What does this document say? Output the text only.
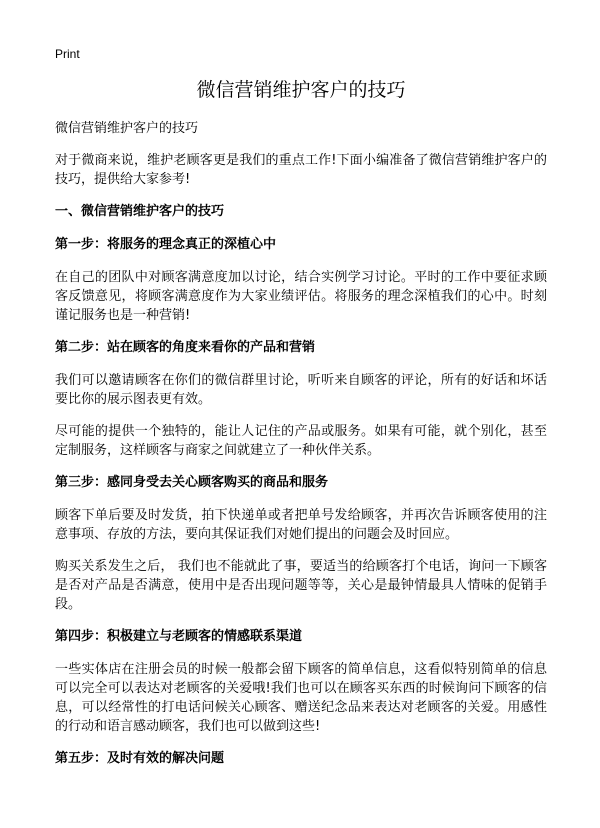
Print
微信营销维护客户的技巧

微信营销维护客户的技巧

对于微商来说，维护老顾客更是我们的重点工作!下面小编准备了微信营销维护客户的技巧，提供给大家参考!

一、微信营销维护客户的技巧
第一步：将服务的理念真正的深植心中

在自己的团队中对顾客满意度加以讨论，结合实例学习讨论。平时的工作中要征求顾客反馈意见，将顾客满意度作为大家业绩评估。将服务的理念深植我们的心中。时刻谨记服务也是一种营销!

第二步：站在顾客的角度来看你的产品和营销

我们可以邀请顾客在你们的微信群里讨论，听听来自顾客的评论，所有的好话和坏话要比你的展示图表更有效。

尽可能的提供一个独特的，能让人记住的产品或服务。如果有可能，就个别化，甚至定制服务，这样顾客与商家之间就建立了一种伙伴关系。

第三步：感同身受去关心顾客购买的商品和服务

顾客下单后要及时发货，拍下快递单或者把单号发给顾客，并再次告诉顾客使用的注意事项、存放的方法，要向其保证我们对她们提出的问题会及时回应。

购买关系发生之后， 我们也不能就此了事，要适当的给顾客打个电话，询问一下顾客是否对产品是否满意，使用中是否出现问题等等，关心是最钟情最具人情味的促销手段。

第四步：积极建立与老顾客的情感联系渠道

一些实体店在注册会员的时候一般都会留下顾客的简单信息，这看似特别简单的信息可以完全可以表达对老顾客的关爱哦!我们也可以在顾客买东西的时候询问下顾客的信息，可以经常性的打电话问候关心顾客、赠送纪念品来表达对老顾客的关爱。用感性的行动和语言感动顾客，我们也可以做到这些!

第五步：及时有效的解决问题
